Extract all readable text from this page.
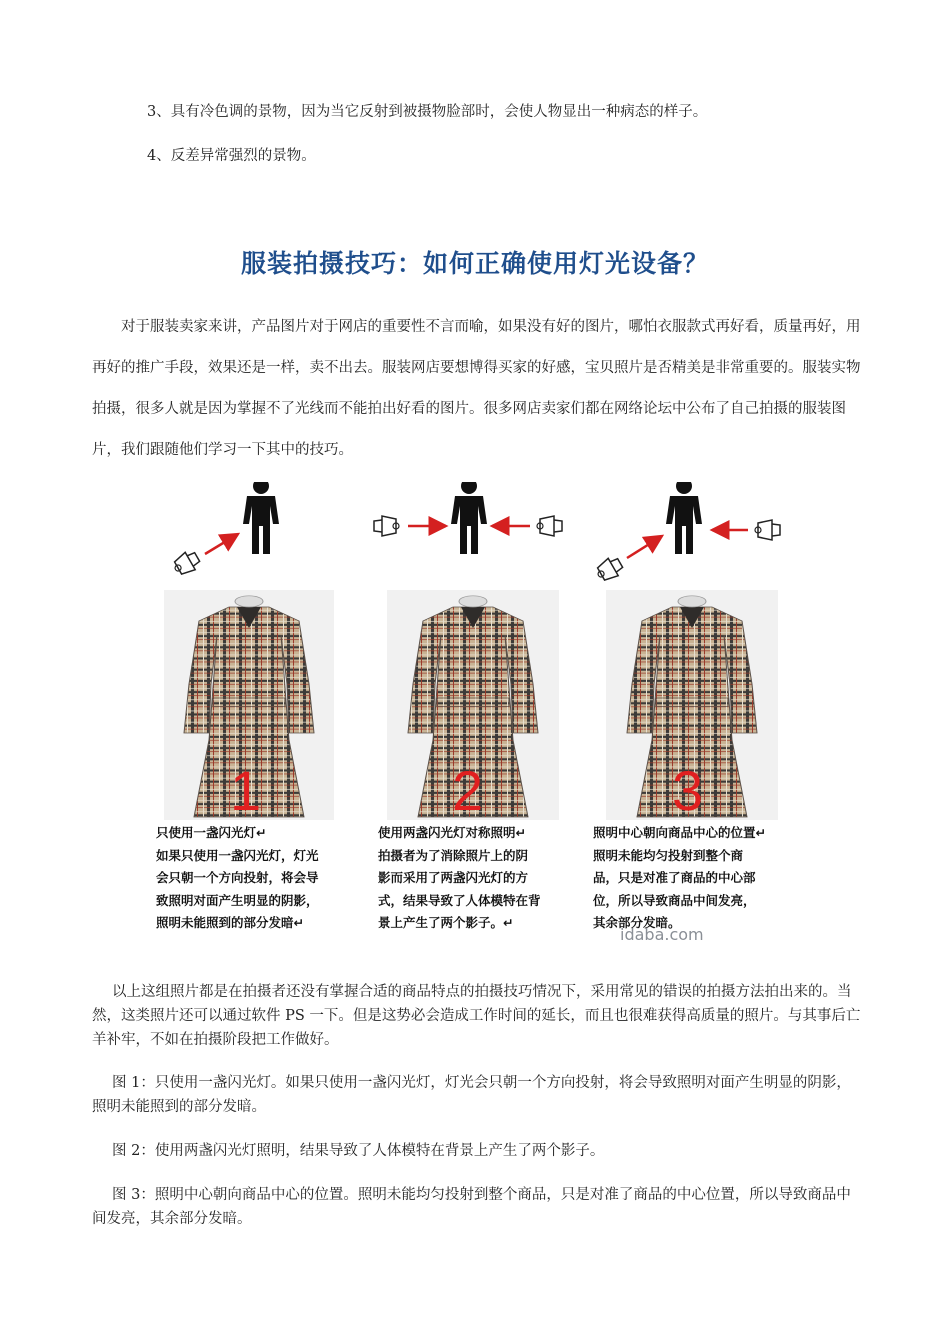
3、具有冷色调的景物，因为当它反射到被摄物脸部时，会使人物显出一种病态的样子。
4、反差异常强烈的景物。
服装拍摄技巧：如何正确使用灯光设备？

对于服装卖家来讲，产品图片对于网店的重要性不言而喻，如果没有好的图片，哪怕衣服款式再好看，质量再好，用再好的推广手段，效果还是一样，卖不出去。服装网店要想博得买家的好感，宝贝照片是否精美是非常重要的。服装实物拍摄，很多人就是因为掌握不了光线而不能拍出好看的图片。很多网店卖家们都在网络论坛中公布了自己拍摄的服装图片，我们跟随他们学习一下其中的技巧。

1	2	3
只使用一盏闪光灯↵
如果只使用一盏闪光灯，灯光
会只朝一个方向投射，将会导
致照明对面产生明显的阴影，
照明未能照到的部分发暗↵
使用两盏闪光灯对称照明↵
拍摄者为了消除照片上的阴
影而采用了两盏闪光灯的方
式，结果导致了人体模特在背
景上产生了两个影子。↵
照明中心朝向商品中心的位置↵
照明未能均匀投射到整个商
品，只是对准了商品的中心部
位，所以导致商品中间发亮，
其余部分发暗。
idaba.com

以上这组照片都是在拍摄者还没有掌握合适的商品特点的拍摄技巧情况下，采用常见的错误的拍摄方法拍出来的。当然，这类照片还可以通过软件 PS 一下。但是这势必会造成工作时间的延长，而且也很难获得高质量的照片。与其事后亡羊补牢，不如在拍摄阶段把工作做好。

图 1：只使用一盏闪光灯。如果只使用一盏闪光灯，灯光会只朝一个方向投射，将会导致照明对面产生明显的阴影，照明未能照到的部分发暗。

图 2：使用两盏闪光灯照明，结果导致了人体模特在背景上产生了两个影子。

图 3：照明中心朝向商品中心的位置。照明未能均匀投射到整个商品，只是对准了商品的中心位置，所以导致商品中间发亮，其余部分发暗。
